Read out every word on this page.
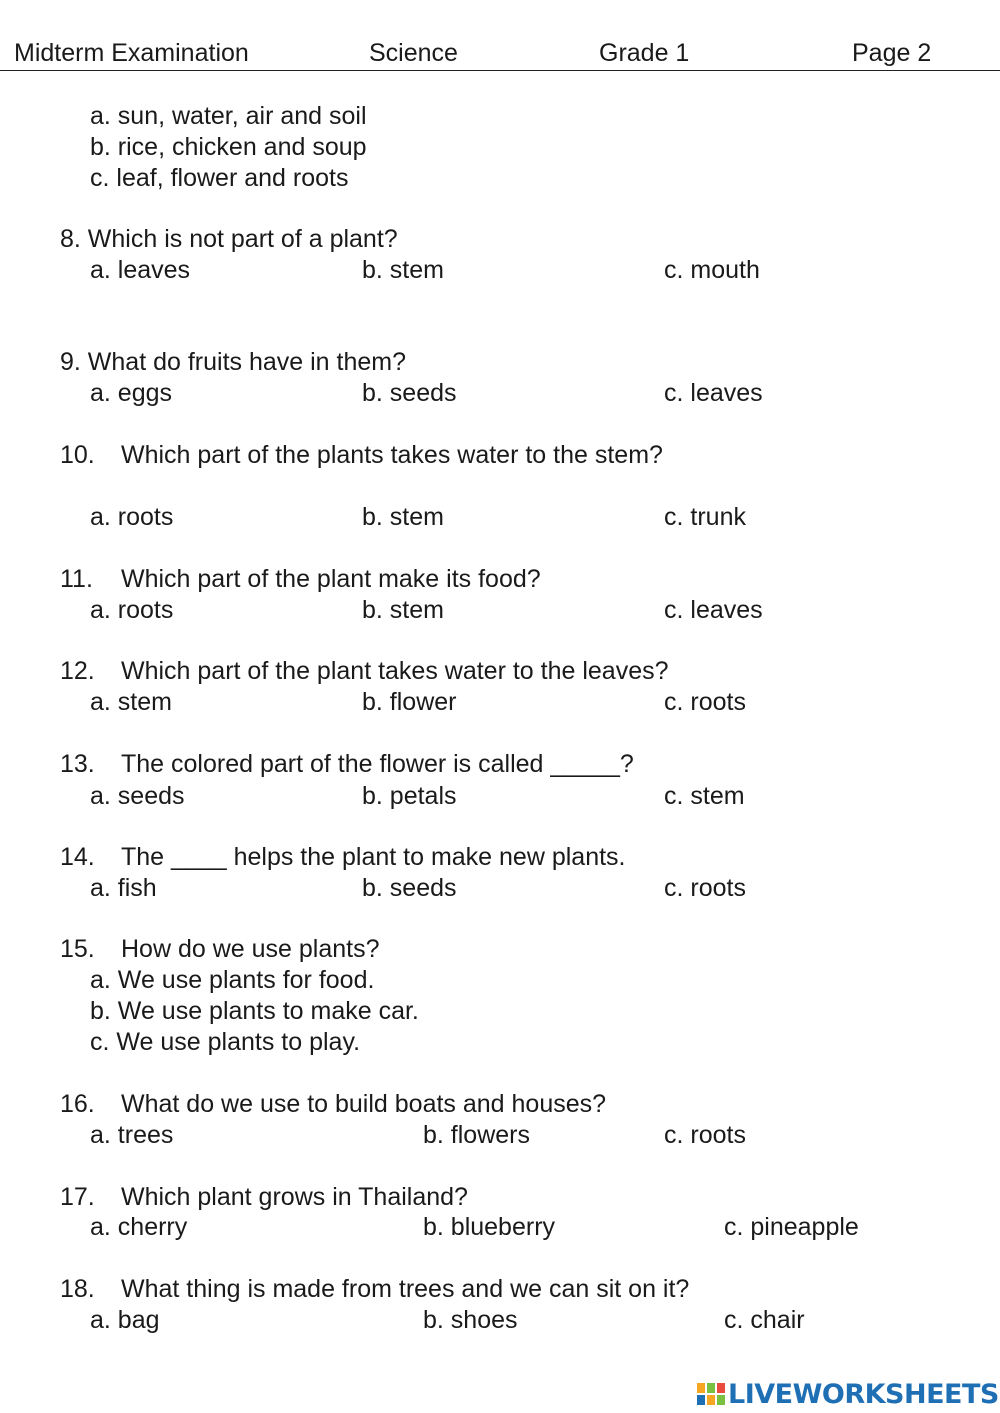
Midterm Examination	Science	Grade 1	Page 2
a. sun, water, air and soil
b. rice, chicken and soup
c. leaf, flower and roots
8. Which is not part of a plant?
a. leaves	b. stem	c. mouth
9. What do fruits have in them?
a. eggs	b. seeds	c. leaves
10. Which part of the plants takes water to the stem?
a. roots	b. stem	c. trunk
11. Which part of the plant make its food?
a. roots	b. stem	c. leaves
12. Which part of the plant takes water to the leaves?
a. stem	b. flower	c. roots
13. The colored part of the flower is called _____?
a. seeds	b. petals	c. stem
14. The ____ helps the plant to make new plants.
a. fish	b. seeds	c. roots
15. How do we use plants?
a. We use plants for food.
b. We use plants to make car.
c. We use plants to play.
16. What do we use to build boats and houses?
a. trees	b. flowers	c. roots
17. Which plant grows in Thailand?
a. cherry	b. blueberry	c. pineapple
18. What thing is made from trees and we can sit on it?
a. bag	b. shoes	c. chair
LIVEWORKSHEETS
